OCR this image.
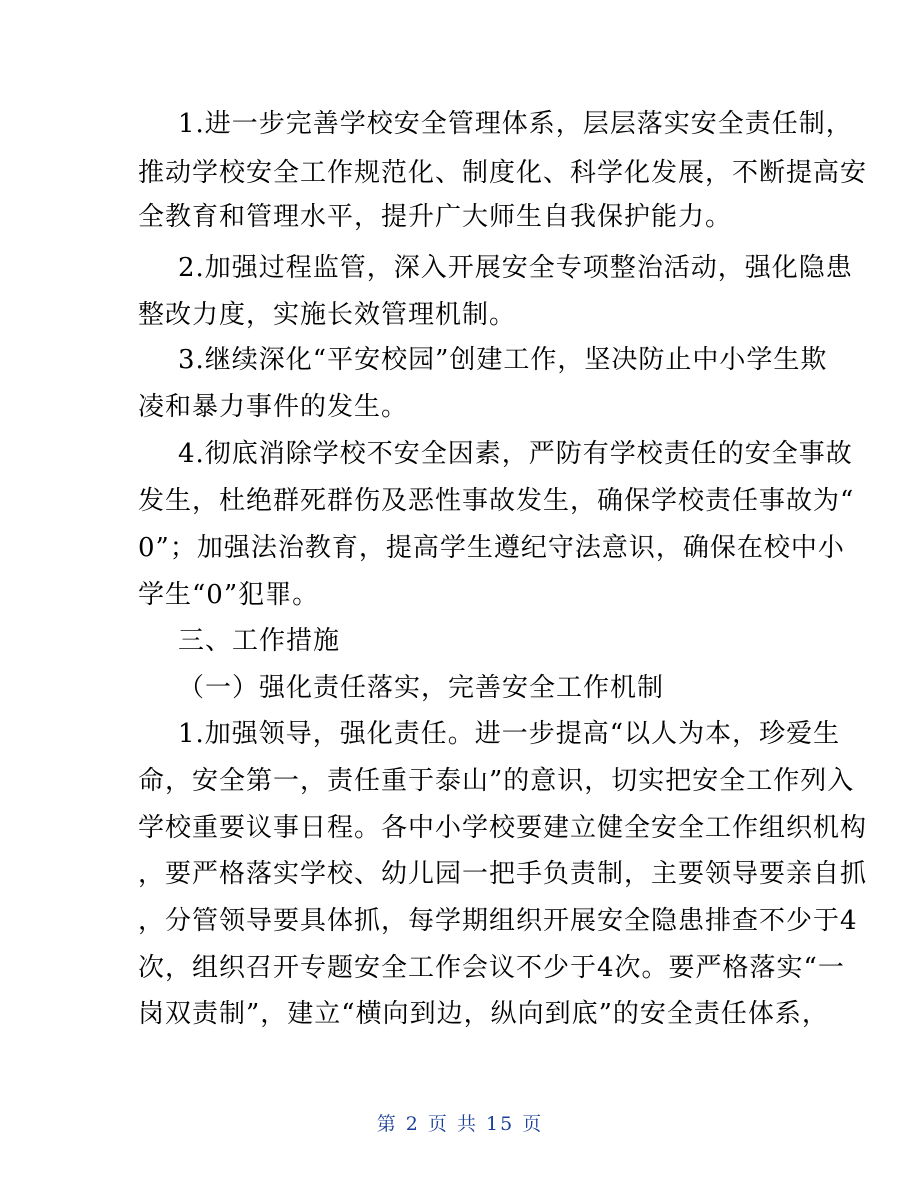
1.进一步完善学校安全管理体系，层层落实安全责任制，
推动学校安全工作规范化、制度化、科学化发展，不断提高安
全教育和管理水平，提升广大师生自我保护能力。
2.加强过程监管，深入开展安全专项整治活动，强化隐患
整改力度，实施长效管理机制。
3.继续深化“平安校园”创建工作，坚决防止中小学生欺
凌和暴力事件的发生。
4.彻底消除学校不安全因素，严防有学校责任的安全事故
发生，杜绝群死群伤及恶性事故发生，确保学校责任事故为“
0”；加强法治教育，提高学生遵纪守法意识，确保在校中小
学生“0”犯罪。
三、工作措施
（一）强化责任落实，完善安全工作机制
1.加强领导，强化责任。进一步提高“以人为本，珍爱生
命，安全第一，责任重于泰山”的意识，切实把安全工作列入
学校重要议事日程。各中小学校要建立健全安全工作组织机构
，要严格落实学校、幼儿园一把手负责制，主要领导要亲自抓
，分管领导要具体抓，每学期组织开展安全隐患排查不少于4
次，组织召开专题安全工作会议不少于4次。要严格落实“一
岗双责制”，建立“横向到边，纵向到底”的安全责任体系，
第 2 页 共 15 页
